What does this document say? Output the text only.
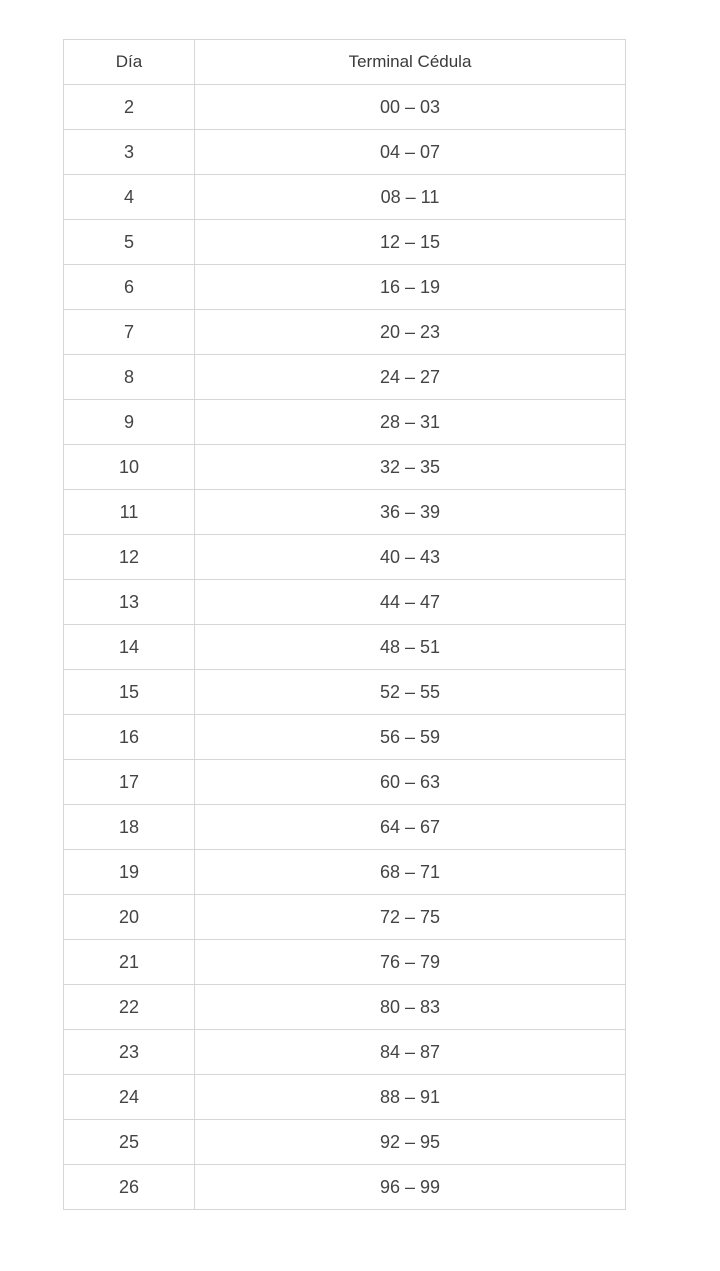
Día	Terminal Cédula
2	00 – 03
3	04 – 07
4	08 – 11
5	12 – 15
6	16 – 19
7	20 – 23
8	24 – 27
9	28 – 31
10	32 – 35
11	36 – 39
12	40 – 43
13	44 – 47
14	48 – 51
15	52 – 55
16	56 – 59
17	60 – 63
18	64 – 67
19	68 – 71
20	72 – 75
21	76 – 79
22	80 – 83
23	84 – 87
24	88 – 91
25	92 – 95
26	96 – 99
